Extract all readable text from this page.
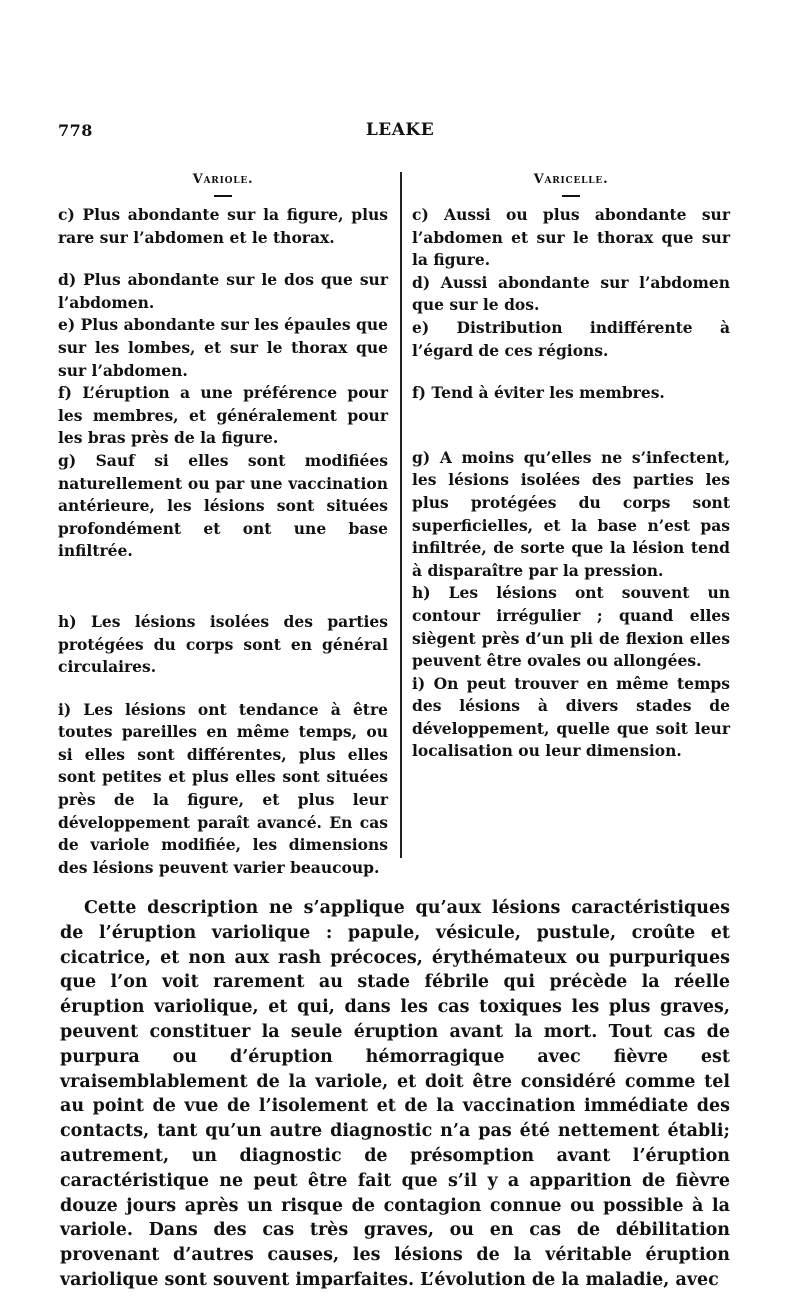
778	LEAKE
Variole.

c) Plus abondante sur la figure, plus rare sur l’abdomen et le thorax.

d) Plus abondante sur le dos que sur l’abdomen.

e) Plus abondante sur les épaules que sur les lombes, et sur le thorax que sur l’abdomen.

f) L’éruption a une préférence pour les membres, et généralement pour les bras près de la figure.

g) Sauf si elles sont modifiées naturellement ou par une vaccination antérieure, les lésions sont situées profondément et ont une base infiltrée.

h) Les lésions isolées des parties protégées du corps sont en général circulaires.

i) Les lésions ont tendance à être toutes pareilles en même temps, ou si elles sont différentes, plus elles sont petites et plus elles sont situées près de la figure, et plus leur développement paraît avancé. En cas de variole modifiée, les dimensions des lésions peuvent varier beaucoup.

Varicelle.

c) Aussi ou plus abondante sur l’abdomen et sur le thorax que sur la figure.

d) Aussi abondante sur l’abdomen que sur le dos.

e) Distribution indifférente à l’égard de ces régions.

f) Tend à éviter les membres.

g) A moins qu’elles ne s’infectent, les lésions isolées des parties les plus protégées du corps sont superficielles, et la base n’est pas infiltrée, de sorte que la lésion tend à disparaître par la pression.

h) Les lésions ont souvent un contour irrégulier ; quand elles siègent près d’un pli de flexion elles peuvent être ovales ou allongées.

i) On peut trouver en même temps des lésions à divers stades de développement, quelle que soit leur localisation ou leur dimension.

Cette description ne s’applique qu’aux lésions caractéristiques de l’éruption variolique : papule, vésicule, pustule, croûte et cicatrice, et non aux rash précoces, érythémateux ou purpuriques que l’on voit rarement au stade fébrile qui précède la réelle éruption variolique, et qui, dans les cas toxiques les plus graves, peuvent constituer la seule éruption avant la mort. Tout cas de purpura ou d’éruption hémorragique avec fièvre est vraisemblablement de la variole, et doit être considéré comme tel au point de vue de l’isolement et de la vaccination immédiate des contacts, tant qu’un autre diagnostic n’a pas été nettement établi; autrement, un diagnostic de présomption avant l’éruption caractéristique ne peut être fait que s’il y a apparition de fièvre douze jours après un risque de contagion connue ou possible à la variole. Dans des cas très graves, ou en cas de débilitation provenant d’autres causes, les lésions de la véritable éruption variolique sont souvent imparfaites. L’évolution de la maladie, avec
